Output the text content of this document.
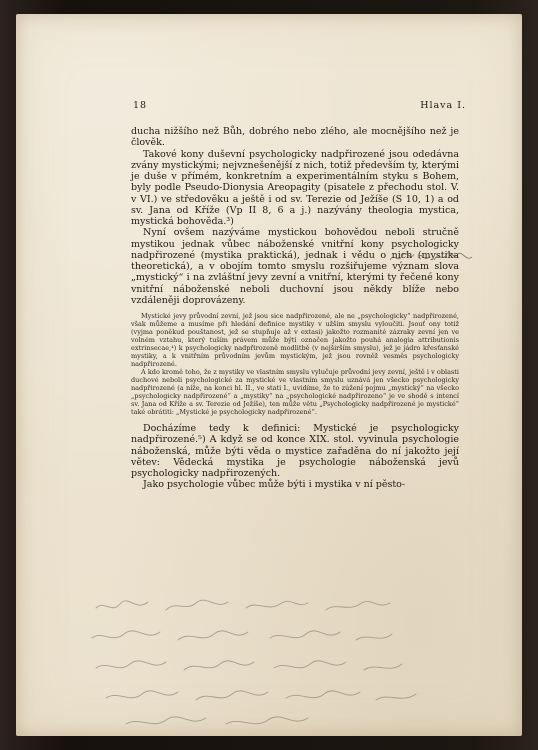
18	Hlava I.

ducha nižšího než Bůh, dobrého nebo zlého, ale mocnějšího než je člověk.

Takové kony duševní psychologicky nadpřirozené jsou odedávna zvány mystickými; nejvznešenější z nich, totiž především ty, kterými je duše v přímém, konkretním a experimentálním styku s Bohem, byly podle Pseudo-Dionysia Areopagity (pisatele z přechodu stol. V. v VI.) ve středověku a ještě i od sv. Terezie od Ježíše (S 10, 1) a od sv. Jana od Kříže (Vp II 8, 6 a j.) nazývány theologia mystica, mystická bohověda.³)

Nyní ovšem nazýváme mystickou bohovědou neboli stručně mystikou jednak vůbec náboženské vnitřní kony psychologicky nadpřirozené (mystika praktická), jednak i vědu o nich (mystika theoretická), a v obojím tomto smyslu rozšiřujeme význam slova „mystický“ i na zvláštní jevy zevní a vnitřní, kterými ty řečené kony vnitřní náboženské neboli duchovní jsou někdy blíže nebo vzdáleněji doprovázeny.

Mystické jevy průvodní zevní, jež jsou sice nadpřirozené, ale ne „psychologicky“ nadpřirozené, však můžeme a musíme při hledání definice mystiky v užším smyslu vyloučiti. Jsouť ony totiž (vyjma poněkud pouštanost, jež se stupňuje až v extasi) jakožto rozmanité zázraky zevní jen ve volném vztahu, který tuším právem může býti označen jakožto pouhá analogia attributionis extrinsecae,⁴) k psychologicky nadpřirozeně modlitbě (v nejširším smyslu), jež je jádro křesťanské mystiky, a k vnitřním průvodním jevům mystickým, jež jsou rovněž vesměs psychologicky nadpřirozené.

A kdo kromě toho, že z mystiky ve vlastním smyslu vylučuje průvodní jevy zevní, ještě i v oblasti duchové neboli psychologické za mystické ve vlastním smyslu uznává jen všecko psychologicky nadpřirozené (a níže, na konci hl. II., ve stati I., uvidíme, že to zúžení pojmu „mystický“ na všecko „psychologicky nadpřirozené“ a „mystiky“ na „psychologické nadpřirozeno“ je ve shodě s intencí sv. Jana od Kříže a sv. Terezie od Ježíše), ten může větu „Psychologicky nadpřirozené je mystické“ také obrátiti: „Mystické je psychologicky nadpřirozené“.

Docházíme tedy k definici: Mystické je psychologicky nadpřirozené.⁵) A když se od konce XIX. stol. vyvinula psychologie náboženská, může býti věda o mystice zařaděna do ní jakožto její větev: Vědecká mystika je psychologie náboženská jevů psychologicky nadpřirozených.

Jako psychologie vůbec může býti i mystika v ní pěsto-
